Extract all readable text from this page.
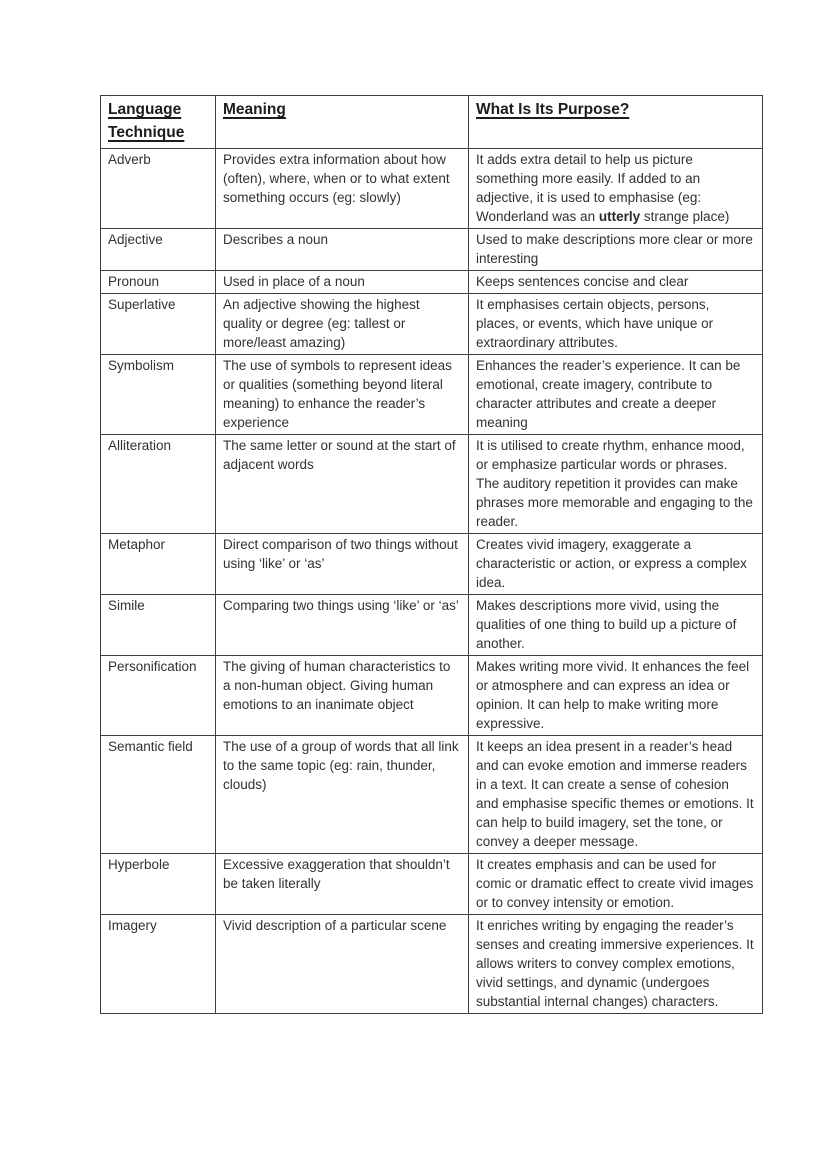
Language Technique	Meaning	What Is Its Purpose?
Adverb	Provides extra information about how (often), where, when or to what extent something occurs (eg: slowly)	It adds extra detail to help us picture something more easily. If added to an adjective, it is used to emphasise (eg: Wonderland was an utterly strange place)
Adjective	Describes a noun	Used to make descriptions more clear or more interesting
Pronoun	Used in place of a noun	Keeps sentences concise and clear
Superlative	An adjective showing the highest quality or degree (eg: tallest or more/least amazing)	It emphasises certain objects, persons, places, or events, which have unique or extraordinary attributes.
Symbolism	The use of symbols to represent ideas or qualities (something beyond literal meaning) to enhance the reader’s experience	Enhances the reader’s experience. It can be emotional, create imagery, contribute to character attributes and create a deeper meaning
Alliteration	The same letter or sound at the start of adjacent words	It is utilised to create rhythm, enhance mood, or emphasize particular words or phrases. The auditory repetition it provides can make phrases more memorable and engaging to the reader.
Metaphor	Direct comparison of two things without using ‘like’ or ‘as’	Creates vivid imagery, exaggerate a characteristic or action, or express a complex idea.
Simile	Comparing two things using ‘like’ or ‘as’	Makes descriptions more vivid, using the qualities of one thing to build up a picture of another.
Personification	The giving of human characteristics to a non-human object. Giving human emotions to an inanimate object	Makes writing more vivid. It enhances the feel or atmosphere and can express an idea or opinion. It can help to make writing more expressive.
Semantic field	The use of a group of words that all link to the same topic (eg: rain, thunder, clouds)	It keeps an idea present in a reader’s head and can evoke emotion and immerse readers in a text. It can create a sense of cohesion and emphasise specific themes or emotions. It can help to build imagery, set the tone, or convey a deeper message.
Hyperbole	Excessive exaggeration that shouldn’t be taken literally	It creates emphasis and can be used for comic or dramatic effect to create vivid images or to convey intensity or emotion.
Imagery	Vivid description of a particular scene	It enriches writing by engaging the reader’s senses and creating immersive experiences. It allows writers to convey complex emotions, vivid settings, and dynamic (undergoes substantial internal changes) characters.
